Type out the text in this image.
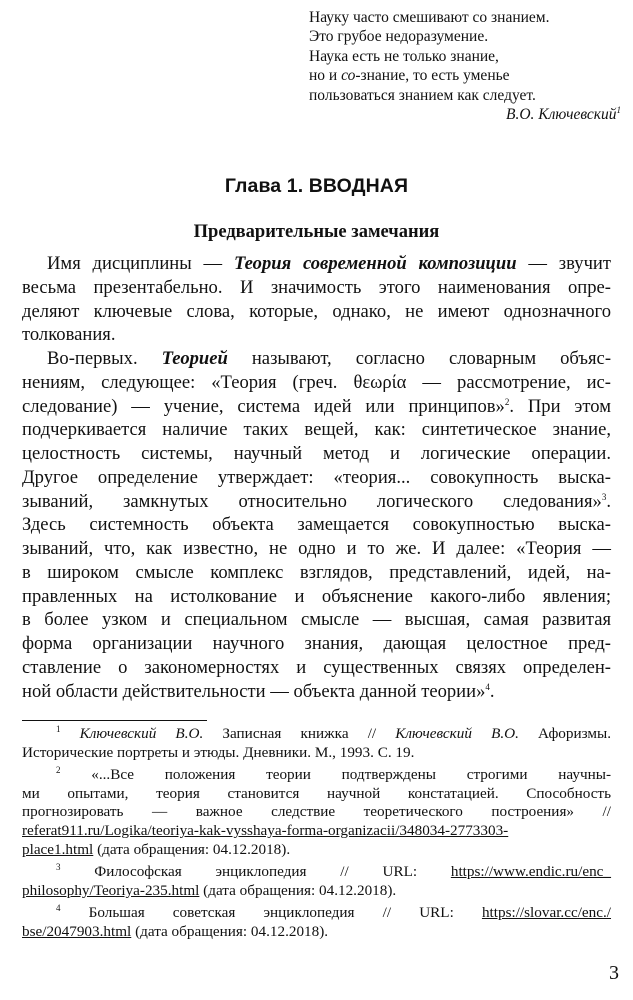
Науку часто смешивают со знанием.
Это грубое недоразумение.
Наука есть не только знание,
но и со-знание, то есть уменье
пользоваться знанием как следует.
В.О. Ключевский$^1$
Глава 1. ВВОДНАЯ
Предварительные замечания
Имя дисциплины — Теория современной композиции — звучит
весьма презентабельно. И значимость этого наименования опре-
деляют ключевые слова, которые, однако, не имеют однозначного
толкования.
Во-первых. Теорией называют, согласно словарным объяс-
нениям, следующее: «Теория (греч. θεωρία — рассмотрение, ис-
следование) — учение, система идей или принципов»$^2$. При этом
подчеркивается наличие таких вещей, как: синтетическое знание,
целостность системы, научный метод и логические операции.
Другое определение утверждает: «теория... совокупность выска-
зываний, замкнутых относительно логического следования»$^3$.
Здесь системность объекта замещается совокупностью выска-
зываний, что, как известно, не одно и то же. И далее: «Теория —
в широком смысле комплекс взглядов, представлений, идей, на-
правленных на истолкование и объяснение какого-либо явления;
в более узком и специальном смысле — высшая, самая развитая
форма организации научного знания, дающая целостное пред-
ставление о закономерностях и существенных связях определен-
ной области действительности — объекта данной теории»$^4$.
$^1$ Ключевский В.О. Записная книжка // Ключевский В.О. Афоризмы.
Исторические портреты и этюды. Дневники. М., 1993. С. 19.
$^2$ «...Все положения теории подтверждены строгими научны-
ми опытами, теория становится научной констатацией. Способность
прогнозировать — важное следствие теоретического построения» //
referat911.ru/Logika/teoriya-kak-vysshaya-forma-organizacii/348034-2773303-
place1.html (дата обращения: 04.12.2018).
$^3$ Философская энциклопедия // URL: https://www.endic.ru/enc_
philosophy/Teoriya-235.html (дата обращения: 04.12.2018).
$^4$ Большая советская энциклопедия // URL: https://slovar.cc/enc./
bse/2047903.html (дата обращения: 04.12.2018).
3
